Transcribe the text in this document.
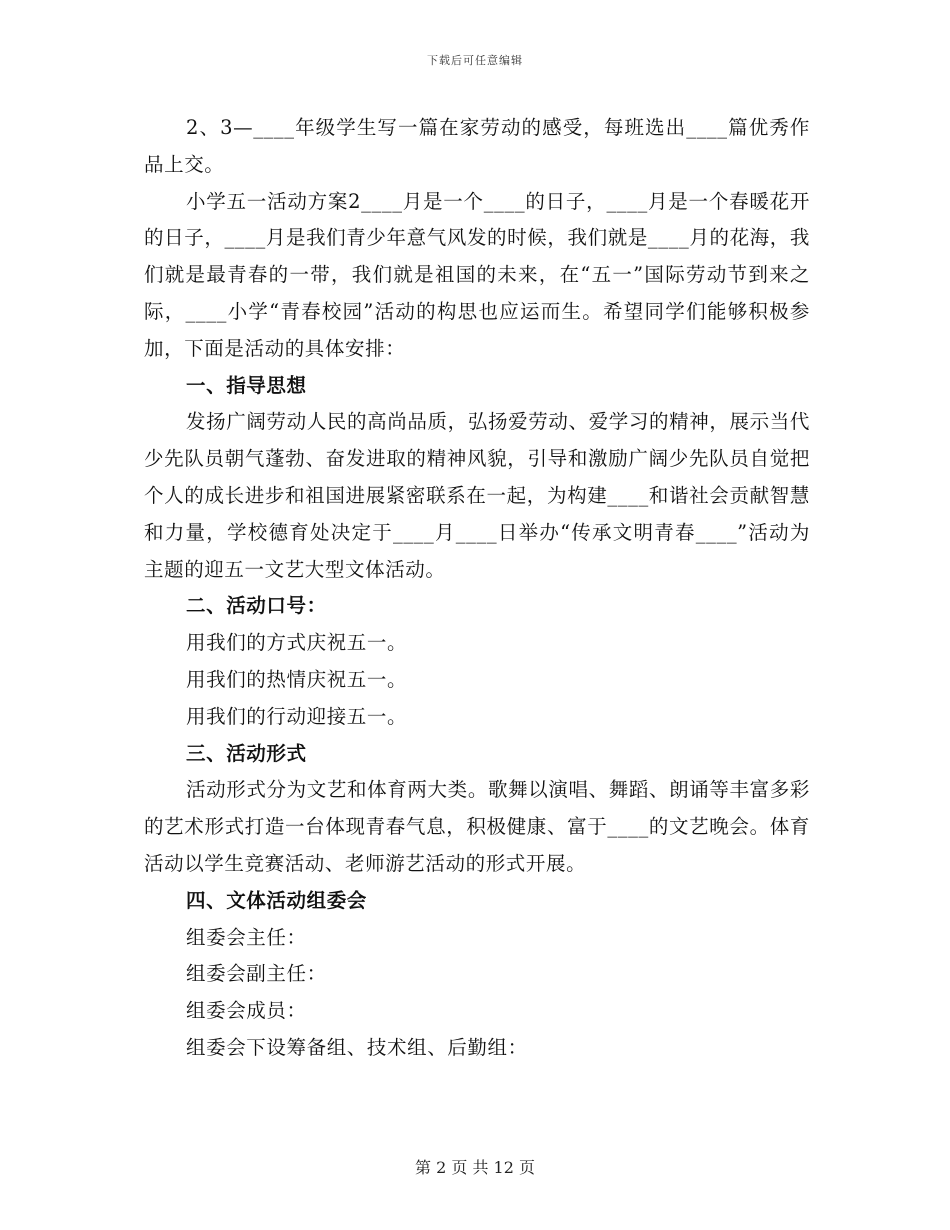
下载后可任意编辑

2、3—____年级学生写一篇在家劳动的感受，每班选出____篇优秀作品上交。

小学五一活动方案2____月是一个____的日子，____月是一个春暖花开的日子，____月是我们青少年意气风发的时候，我们就是____月的花海，我们就是最青春的一带，我们就是祖国的未来，在“五一”国际劳动节到来之际，____小学“青春校园”活动的构思也应运而生。希望同学们能够积极参加，下面是活动的具体安排：

一、指导思想

发扬广阔劳动人民的高尚品质，弘扬爱劳动、爱学习的精神，展示当代少先队员朝气蓬勃、奋发进取的精神风貌，引导和激励广阔少先队员自觉把个人的成长进步和祖国进展紧密联系在一起，为构建____和谐社会贡献智慧和力量，学校德育处决定于____月____日举办“传承文明青春____”活动为主题的迎五一文艺大型文体活动。

二、活动口号：

用我们的方式庆祝五一。

用我们的热情庆祝五一。

用我们的行动迎接五一。

三、活动形式

活动形式分为文艺和体育两大类。歌舞以演唱、舞蹈、朗诵等丰富多彩的艺术形式打造一台体现青春气息，积极健康、富于____的文艺晚会。体育活动以学生竞赛活动、老师游艺活动的形式开展。

四、文体活动组委会

组委会主任：

组委会副主任：

组委会成员：

组委会下设筹备组、技术组、后勤组：

第 2 页 共 12 页
